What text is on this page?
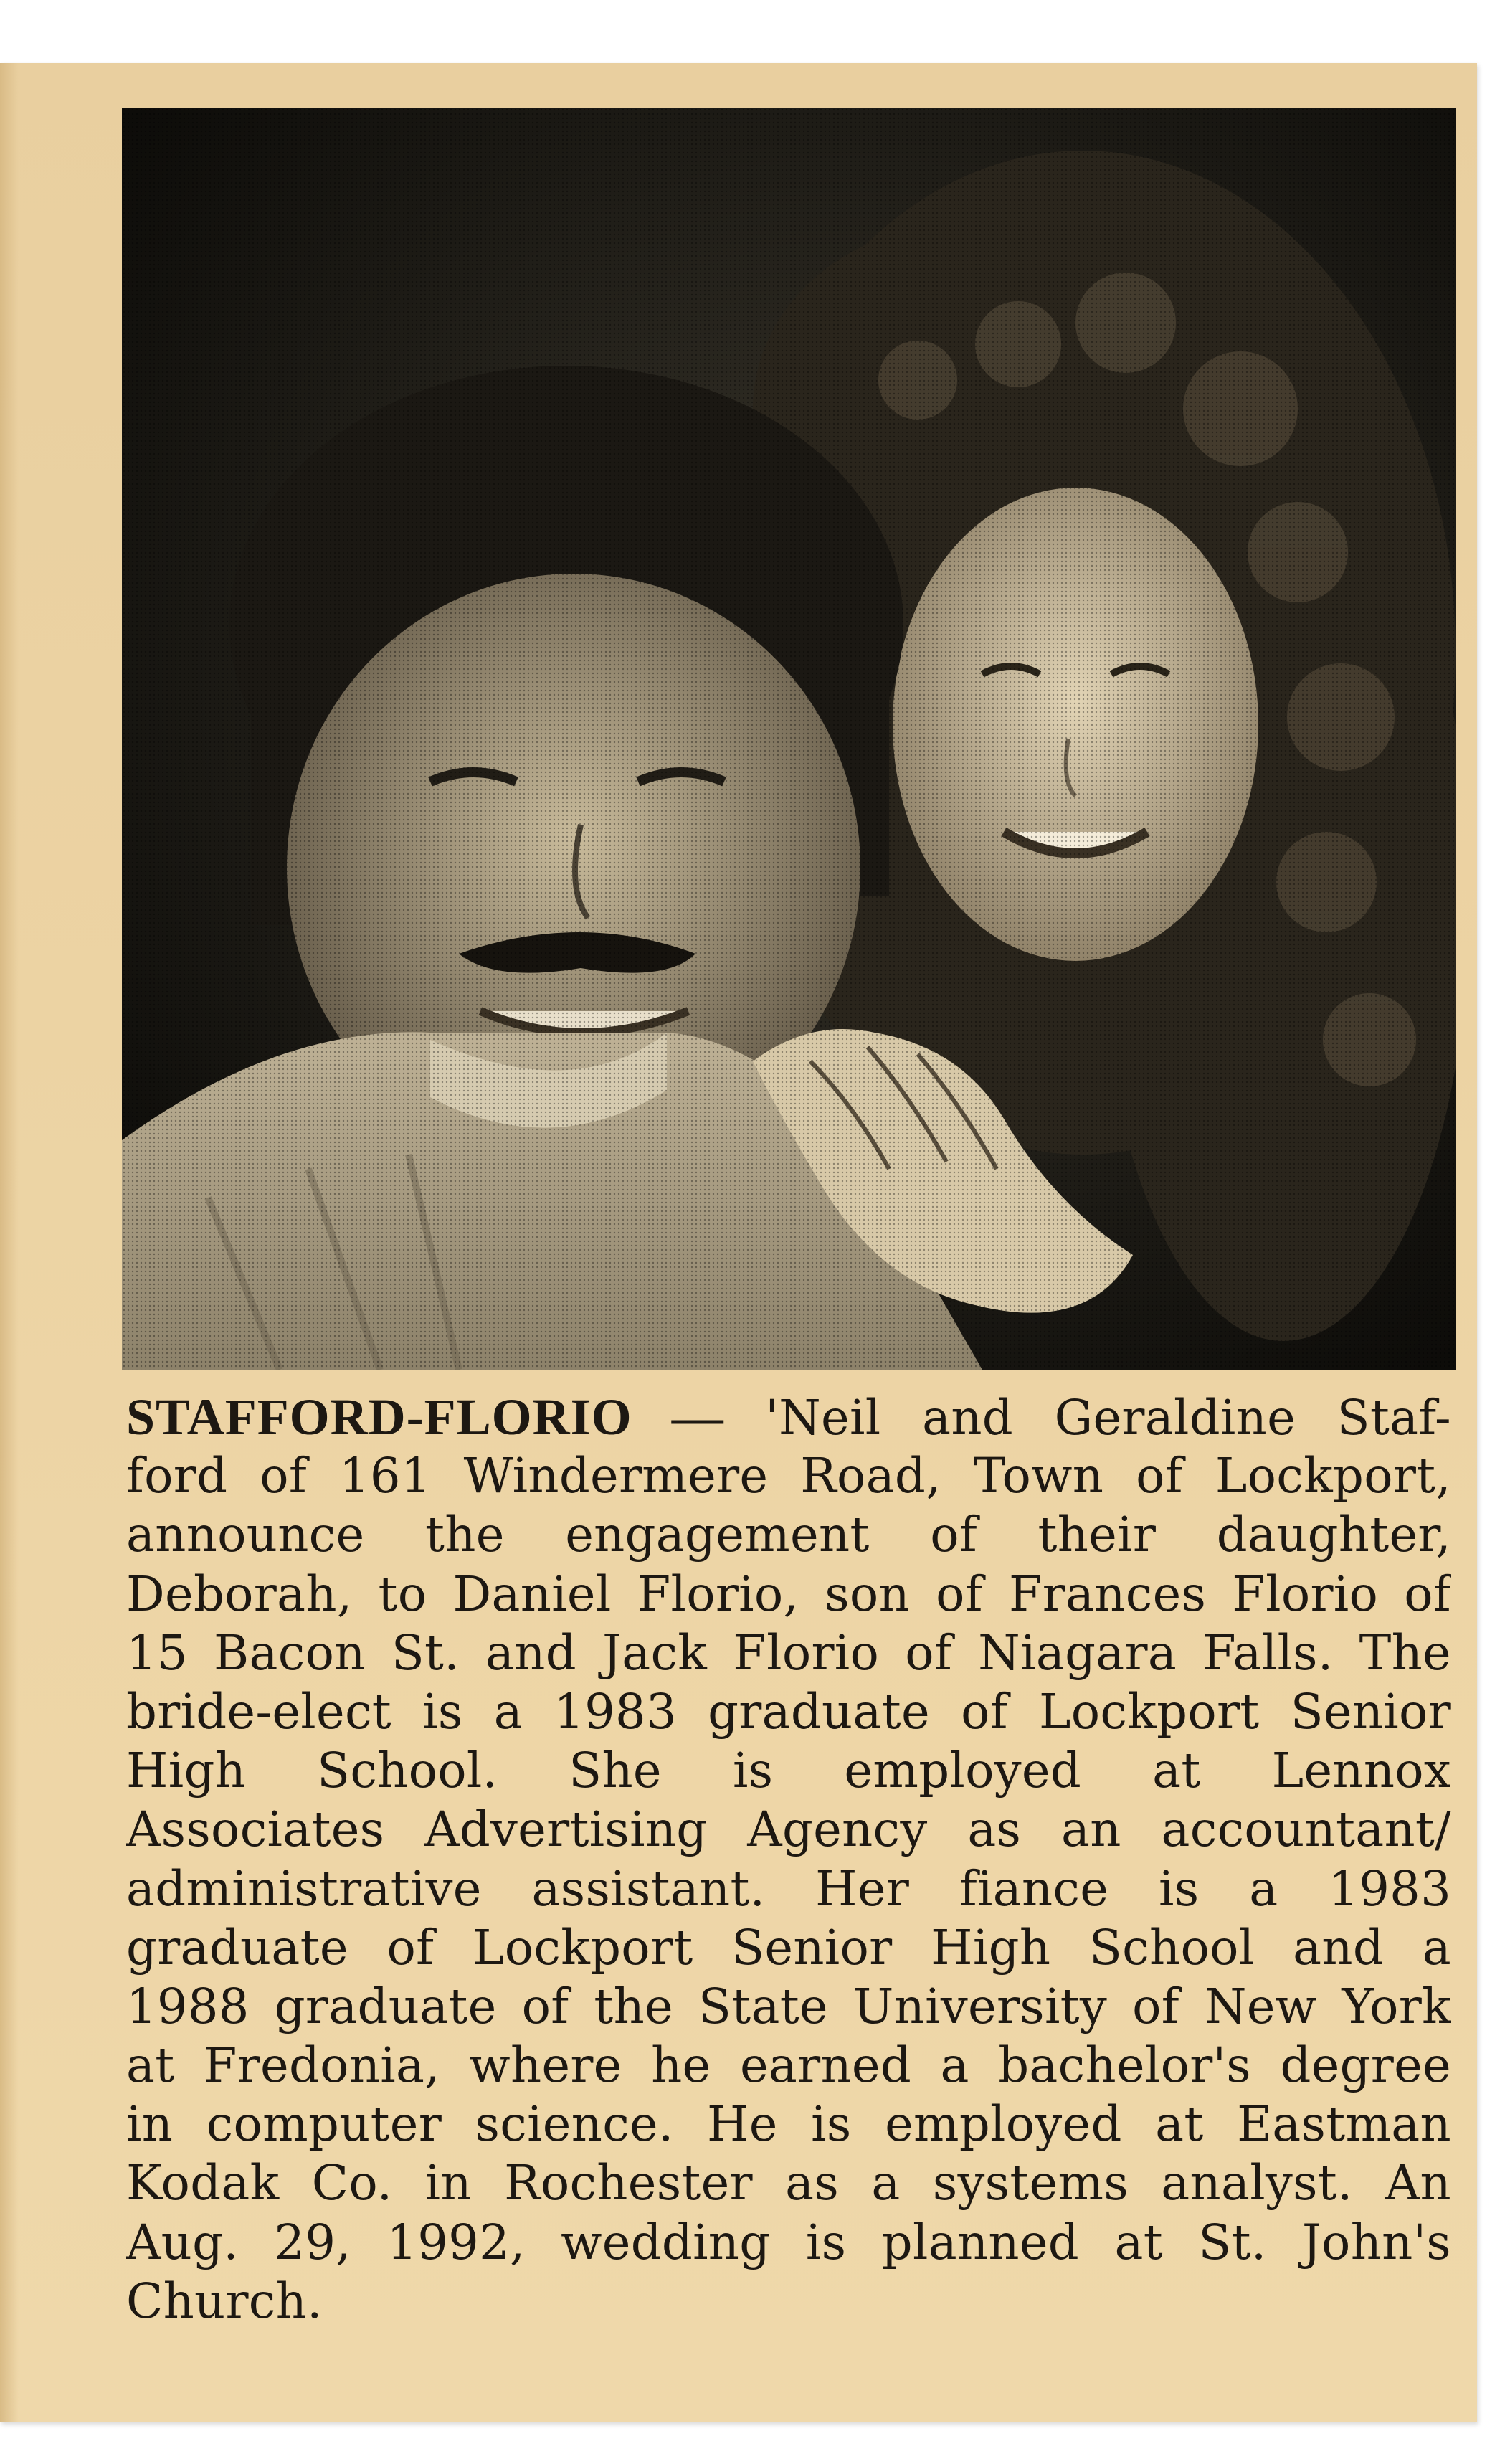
STAFFORD-FLORIO — 'Neil and Geraldine Staf-
ford of 161 Windermere Road, Town of Lockport,
announce the engagement of their daughter,
Deborah, to Daniel Florio, son of Frances Florio of
15 Bacon St. and Jack Florio of Niagara Falls. The
bride-elect is a 1983 graduate of Lockport Senior
High School. She is employed at Lennox
Associates Advertising Agency as an accountant/
administrative assistant. Her fiance is a 1983
graduate of Lockport Senior High School and a
1988 graduate of the State University of New York
at Fredonia, where he earned a bachelor's degree
in computer science. He is employed at Eastman
Kodak Co. in Rochester as a systems analyst. An
Aug. 29, 1992, wedding is planned at St. John's
Church.
